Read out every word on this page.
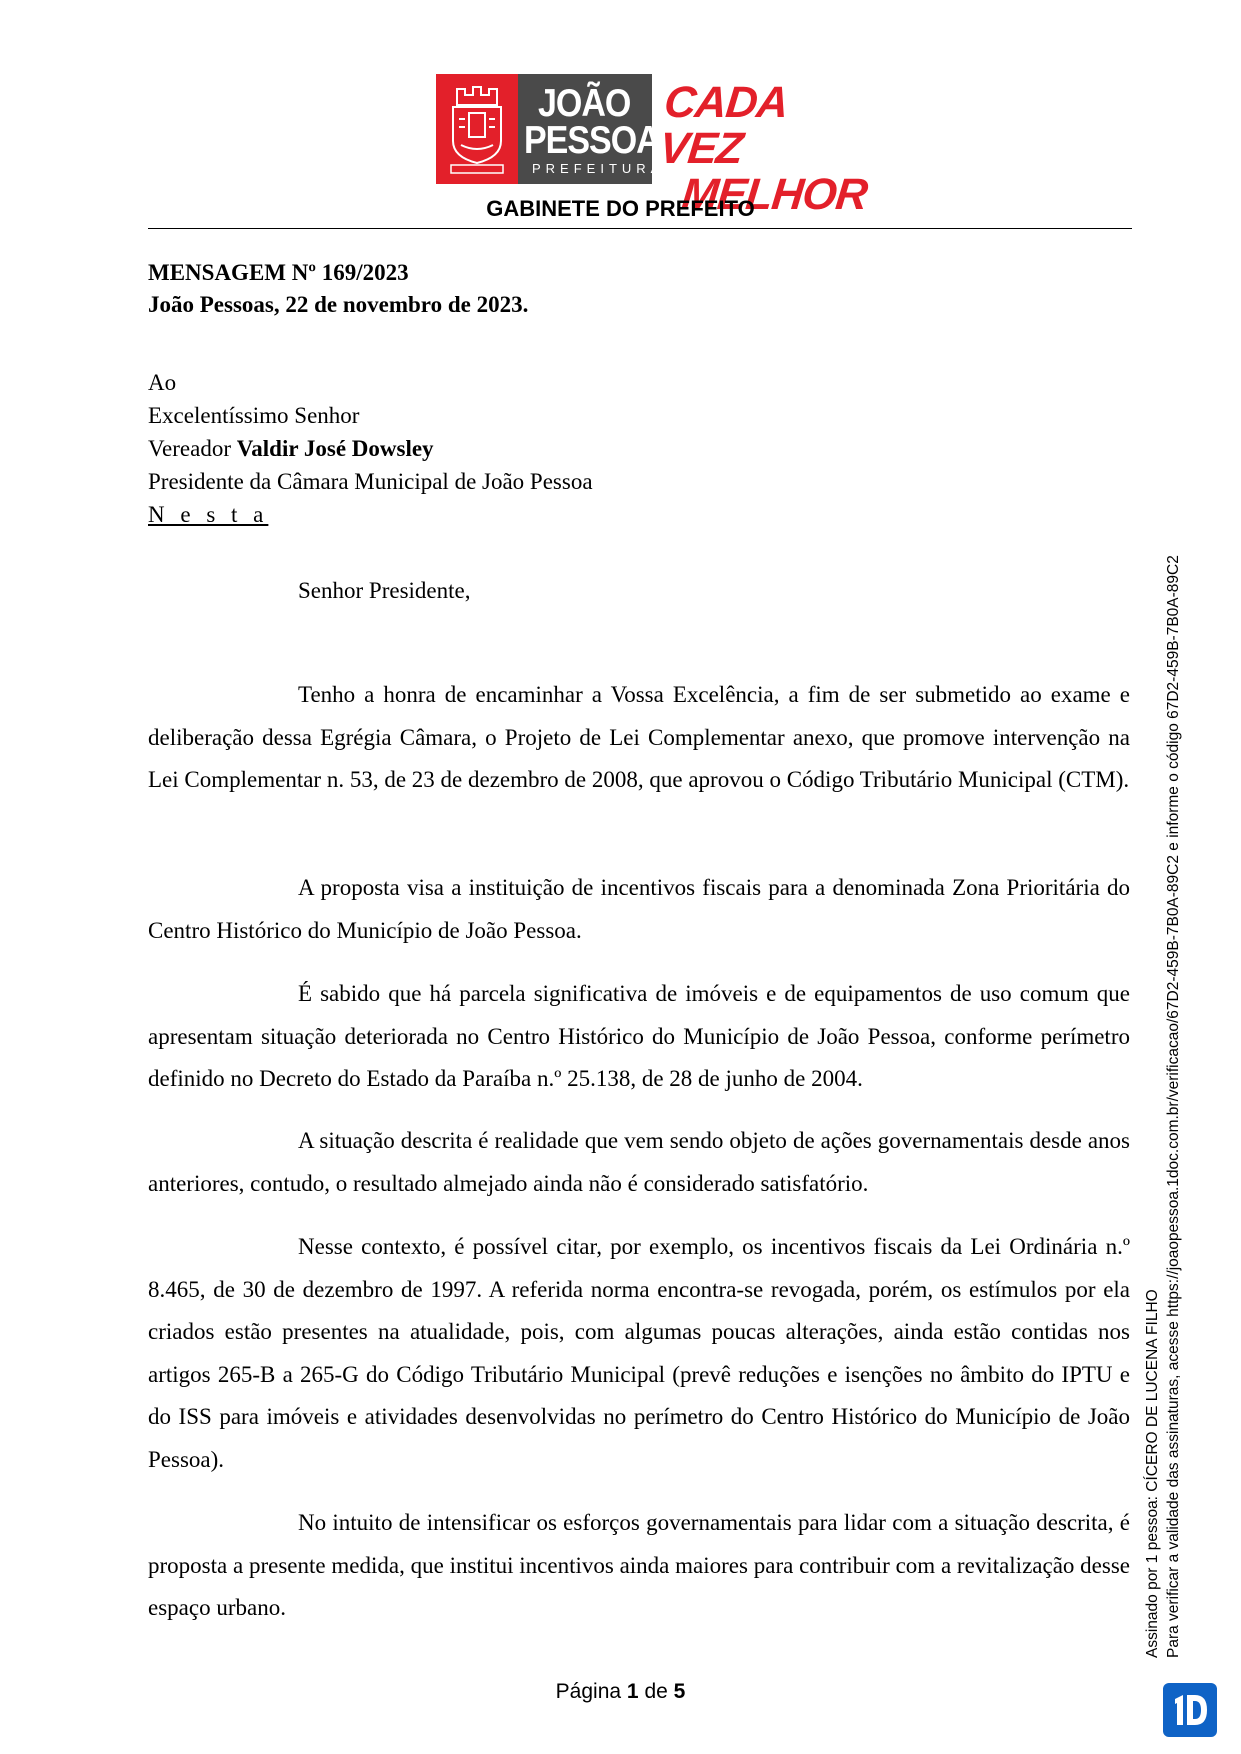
JOÃO
PESSOA
PREFEITURA
CADA VEZ
MELHOR
GABINETE DO PREFEITO
MENSAGEM Nº 169/2023
João Pessoas, 22 de novembro de 2023.
Ao
Excelentíssimo Senhor
Vereador Valdir José Dowsley
Presidente da Câmara Municipal de João Pessoa
N e s t a
Senhor Presidente,

Tenho a honra de encaminhar a Vossa Excelência, a fim de ser submetido ao exame e deliberação dessa Egrégia Câmara, o Projeto de Lei Complementar anexo, que promove intervenção na Lei Complementar n. 53, de 23 de dezembro de 2008, que aprovou o Código Tributário Municipal (CTM).

A proposta visa a instituição de incentivos fiscais para a denominada Zona Prioritária do Centro Histórico do Município de João Pessoa.

É sabido que há parcela significativa de imóveis e de equipamentos de uso comum que apresentam situação deteriorada no Centro Histórico do Município de João Pessoa, conforme perímetro definido no Decreto do Estado da Paraíba n.º 25.138, de 28 de junho de 2004.

A situação descrita é realidade que vem sendo objeto de ações governamentais desde anos anteriores, contudo, o resultado almejado ainda não é considerado satisfatório.

Nesse contexto, é possível citar, por exemplo, os incentivos fiscais da Lei Ordinária n.º 8.465, de 30 de dezembro de 1997. A referida norma encontra-se revogada, porém, os estímulos por ela criados estão presentes na atualidade, pois, com algumas poucas alterações, ainda estão contidas nos artigos 265-B a 265-G do Código Tributário Municipal (prevê reduções e isenções no âmbito do IPTU e do ISS para imóveis e atividades desenvolvidas no perímetro do Centro Histórico do Município de João Pessoa).

No intuito de intensificar os esforços governamentais para lidar com a situação descrita, é proposta a presente medida, que institui incentivos ainda maiores para contribuir com a revitalização desse espaço urbano.

Página 1 de 5
Assinado por 1 pessoa: CÍCERO DE LUCENA FILHO Para verificar a validade das assinaturas, acesse https://joaopessoa.1doc.com.br/verificacao/67D2-459B-7B0A-89C2 e informe o código 67D2-459B-7B0A-89C2
